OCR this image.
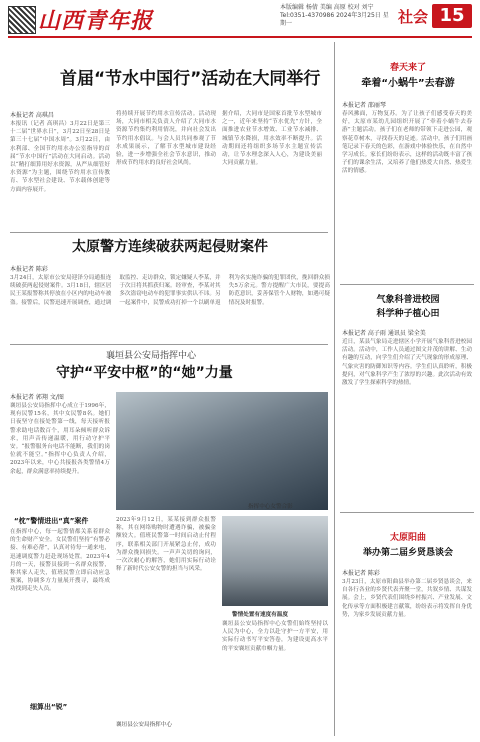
山西青年报
本版编辑 杨倩 美编 高原 校对 刘宁
Tel:0351-4370986 2024年3月25日 星期一	社会 15
首届“节水中国行”活动在大同举行
本报记者 高琪昌
本报讯（记者 高琪昌）3月22日是第三十二届“世界水日”，3月22日至28日是第三十七届“中国水周”。3月22日，由水利部、全国节约用水办公室指导的首届“节水中国行”活动在大同启动。活动以“精打细算用好水资源，从严从细管好水资源”为主题，围绕节约用水宣传教育、节水型社会建设、节水载体创建等方面内容展开。
将持续开展节约用水宣传活动。活动现场，大同市相关负责人介绍了大同市水资源节约集约利用情况，并向社会发出节约用水倡议。与会人员共同参观了节水成果展示，了解节水型城市建设经验，进一步增强全社会节水意识，推动形成节约用水的良好社会风尚。
据介绍，大同市是国家首批节水型城市之一，近年来坚持“节水优先”方针，全面推进农业节水增效、工业节水减排、城镇节水降损，用水效率不断提升。活动期间还将组织多场节水主题宣传活动，让节水理念深入人心，为建设美丽大同贡献力量。
春天来了
牵着“小蜗牛”去春游
本报记者 邵丽琴
春风拂面，万物复苏。为了让孩子们感受春天的美好，太原市某幼儿园组织开展了“牵着小蜗牛去春游”主题活动。孩子们在老师的带领下走进公园，观察花草树木，寻找春天的足迹。活动中，孩子们用画笔记录下春天的色彩，在游戏中体验快乐，在自然中学习成长。家长们纷纷表示，这样的活动既丰富了孩子们的课余生活，又培养了他们热爱大自然、热爱生活的情感。
太原警方连续破获两起侵财案件
本报记者 陈彩
3月24日，太原市公安局迎泽分局通报连续破获两起侵财案件。3月18日，辖区居民王某报警称其停放在小区内的电动车被盗。接警后，民警迅速开展调查，通过调取监控、走访群众，锁定嫌疑人李某，并于次日将其抓获归案。经审查，李某对其多次盗窃电动车的犯罪事实供认不讳。另一起案件中，民警成功打掉一个以刷单返利为名实施诈骗的犯罪团伙，挽回群众损失5万余元。警方提醒广大市民，要提高防范意识，妥善保管个人财物，如遇可疑情况及时报警。
襄垣县公安局指挥中心
守护“平安中枢”的“她”力量
本报记者 郭翔 文/图
襄垣县公安局指挥中心成立于1996年，现有民警15名，其中女民警8名。她们日夜坚守在接处警第一线，每天接听报警求助电话数百个，用耳朵倾听群众诉求，用声音传递温暖，用行动守护平安。“报警服务台电话不能断，我们的岗位就不能空。”指挥中心负责人介绍，2023年以来，中心共接报各类警情4万余起，群众满意率持续提升。
“枕”警情进出“真”案件
在指挥中心，每一起警情都关系着群众的生命财产安全。女民警们坚持“有警必接、有难必帮”，认真对待每一通来电，迅速调度警力赶赴现场处置。2023年4月的一天，接警员接到一名群众报警，称其家人走失，值班民警立即启动应急预案，协调多方力量展开搜寻，最终成功找到走失人员。
细算出“锐”
指挥中心女警合影
2023年9月12日，某某接到群众报警称，其在网络购物时遭遇诈骗，被骗金额较大。值班民警第一时间启动止付程序，联系相关部门开展紧急止付，成功为群众挽回损失。一声声关切的询问，一次次耐心的解答，她们用实际行动诠释了新时代公安女警的担当与风采。
襄垣县公安局指挥中心
警情处置有速度有温度
襄垣县公安局指挥中心女警们始终坚持以人民为中心，全力以赴守护一方平安，用实际行动书写平安答卷，为建设更高水平的平安襄垣贡献巾帼力量。
气象科普进校园
科学种子植心田
本报记者 高子雨 通讯员 梁全美
近日，某县气象局走进辖区小学开展气象科普进校园活动。活动中，工作人员通过图文并茂的讲解、生动有趣的互动，向学生们介绍了天气现象的形成原理、气象灾害的防御知识等内容。学生们认真聆听，积极提问，对气象科学产生了浓厚的兴趣。此次活动有效激发了学生探索科学的热情。
太原阳曲
举办第二届乡贤恳谈会
本报记者 陈彩
3月23日，太原市阳曲县举办第二届乡贤恳谈会，来自各行各业的乡贤代表齐聚一堂，共叙乡情、共谋发展。会上，乡贤代表们围绕乡村振兴、产业发展、文化传承等方面积极建言献策，纷纷表示将发挥自身优势，为家乡发展贡献力量。
